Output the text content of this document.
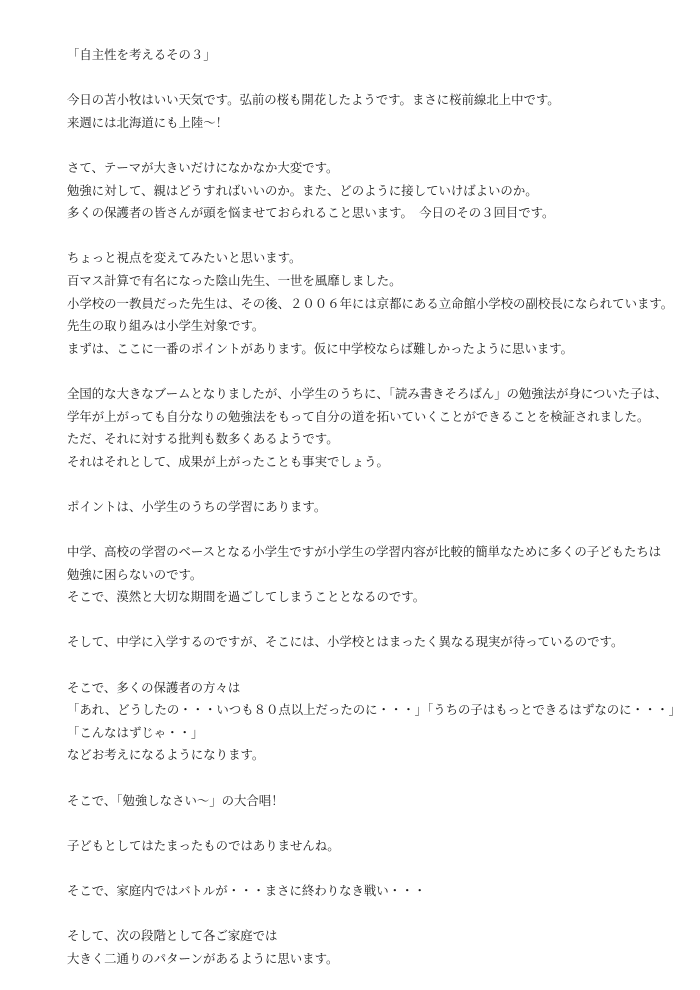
「自主性を考えるその３」
今日の苫小牧はいい天気です。弘前の桜も開花したようです。まさに桜前線北上中です。
来週には北海道にも上陸～！
さて、テーマが大きいだけになかなか大変です。
勉強に対して、親はどうすればいいのか。また、どのように接していけばよいのか。
多くの保護者の皆さんが頭を悩ませておられること思います。　今日のその３回目です。
ちょっと視点を変えてみたいと思います。
百マス計算で有名になった陰山先生、一世を風靡しました。
小学校の一教員だった先生は、その後、２００６年には京都にある立命館小学校の副校長になられています。
先生の取り組みは小学生対象です。
まずは、ここに一番のポイントがあります。仮に中学校ならば難しかったように思います。
全国的な大きなブームとなりましたが、小学生のうちに、「読み書きそろばん」の勉強法が身についた子は、
学年が上がっても自分なりの勉強法をもって自分の道を拓いていくことができることを検証されました。
ただ、それに対する批判も数多くあるようです。
それはそれとして、成果が上がったことも事実でしょう。
ポイントは、小学生のうちの学習にあります。
中学、高校の学習のベースとなる小学生ですが小学生の学習内容が比較的簡単なために多くの子どもたちは
勉強に困らないのです。
そこで、漠然と大切な期間を過ごしてしまうこととなるのです。
そして、中学に入学するのですが、そこには、小学校とはまったく異なる現実が待っているのです。
そこで、多くの保護者の方々は
「あれ、どうしたの・・・いつも８０点以上だったのに・・・」「うちの子はもっとできるはずなのに・・・」
「こんなはずじゃ・・」
などお考えになるようになります。
そこで、「勉強しなさい～」の大合唱！
子どもとしてはたまったものではありませんね。
そこで、家庭内ではバトルが・・・まさに終わりなき戦い・・・
そして、次の段階として各ご家庭では
大きく二通りのパターンがあるように思います。
